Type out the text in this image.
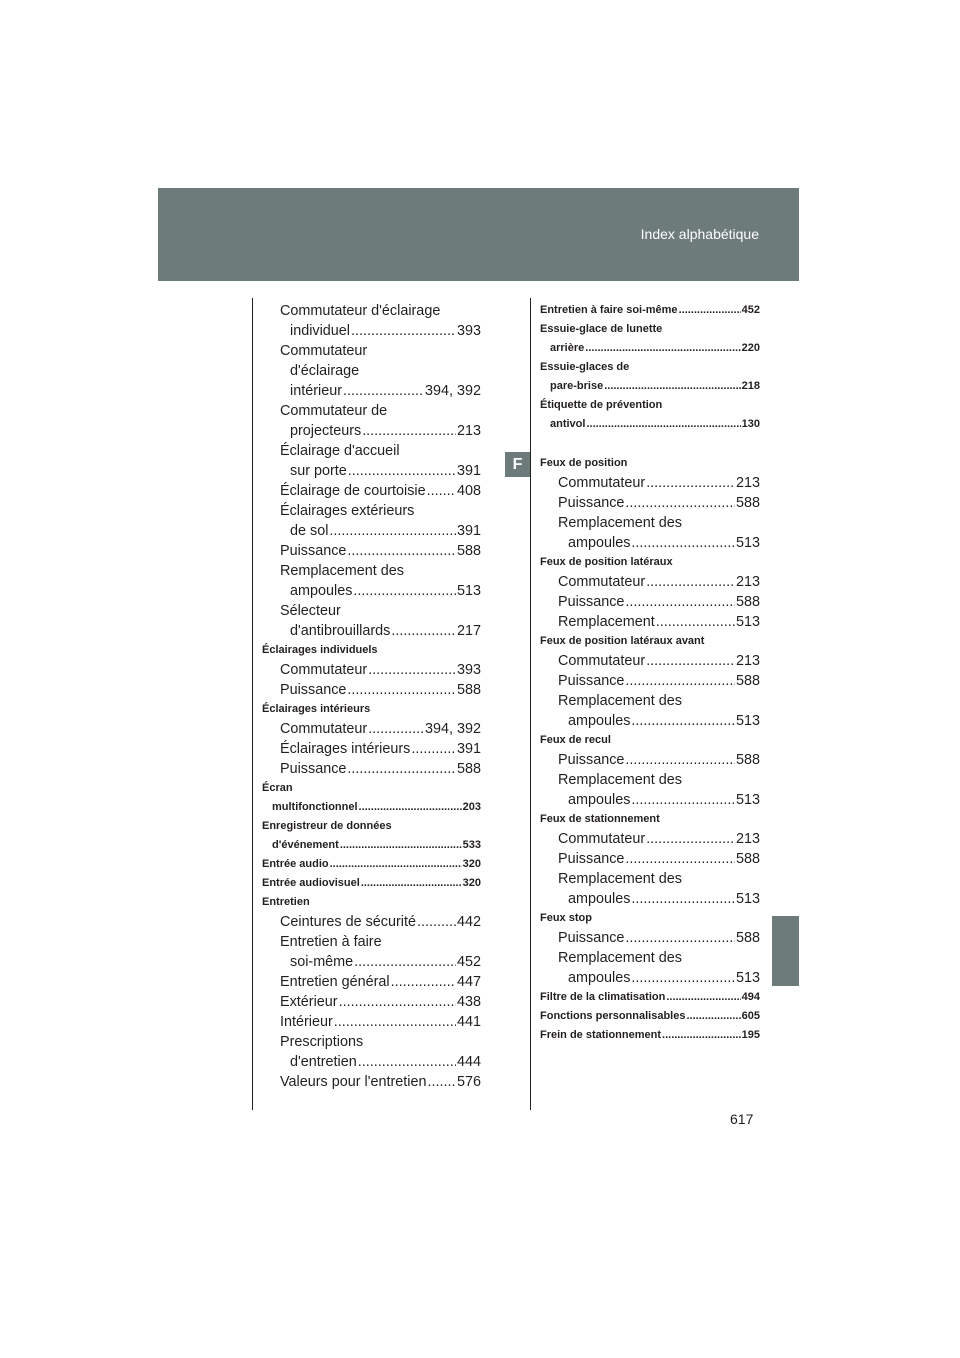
Index alphabétique
F
Commutateur d'éclairage
individuel .....	393
Commutateur
d'éclairage
intérieur .....	394, 392
Commutateur de
projecteurs .....	213
Éclairage d'accueil
sur porte .....	391
Éclairage de courtoisie ..... 408
Éclairages extérieurs
de sol .....	391
Puissance .....	588
Remplacement des
ampoules .....	513
Sélecteur
d'antibrouillards .....	217
Éclairages individuels
Commutateur .....	393
Puissance .....	588
Éclairages intérieurs
Commutateur .....	394, 392
Éclairages intérieurs .....	391
Puissance .....	588
Écran
multifonctionnel .....	203
Enregistreur de données
d'événement .....	533
Entrée audio .....	320
Entrée audiovisuel .....	320
Entretien
Ceintures de sécurité .....	442
Entretien à faire
soi-même .....	452
Entretien général .....	447
Extérieur .....	438
Intérieur .....	441
Prescriptions
d'entretien .....	444
Valeurs pour l'entretien ..... 576
Entretien à faire soi-même .....	452
Essuie-glace de lunette
arrière .....	220
Essuie-glaces de
pare-brise .....	218
Étiquette de prévention
antivol .....	130
Feux de position
Commutateur .....	213
Puissance .....	588
Remplacement des
ampoules .....	513
Feux de position latéraux
Commutateur .....	213
Puissance .....	588
Remplacement .....	513
Feux de position latéraux avant
Commutateur .....	213
Puissance .....	588
Remplacement des
ampoules .....	513
Feux de recul
Puissance .....	588
Remplacement des
ampoules .....	513
Feux de stationnement
Commutateur .....	213
Puissance .....	588
Remplacement des
ampoules .....	513
Feux stop
Puissance .....	588
Remplacement des
ampoules .....	513
Filtre de la climatisation .....	494
Fonctions personnalisables .....	605
Frein de stationnement .....	195
617
